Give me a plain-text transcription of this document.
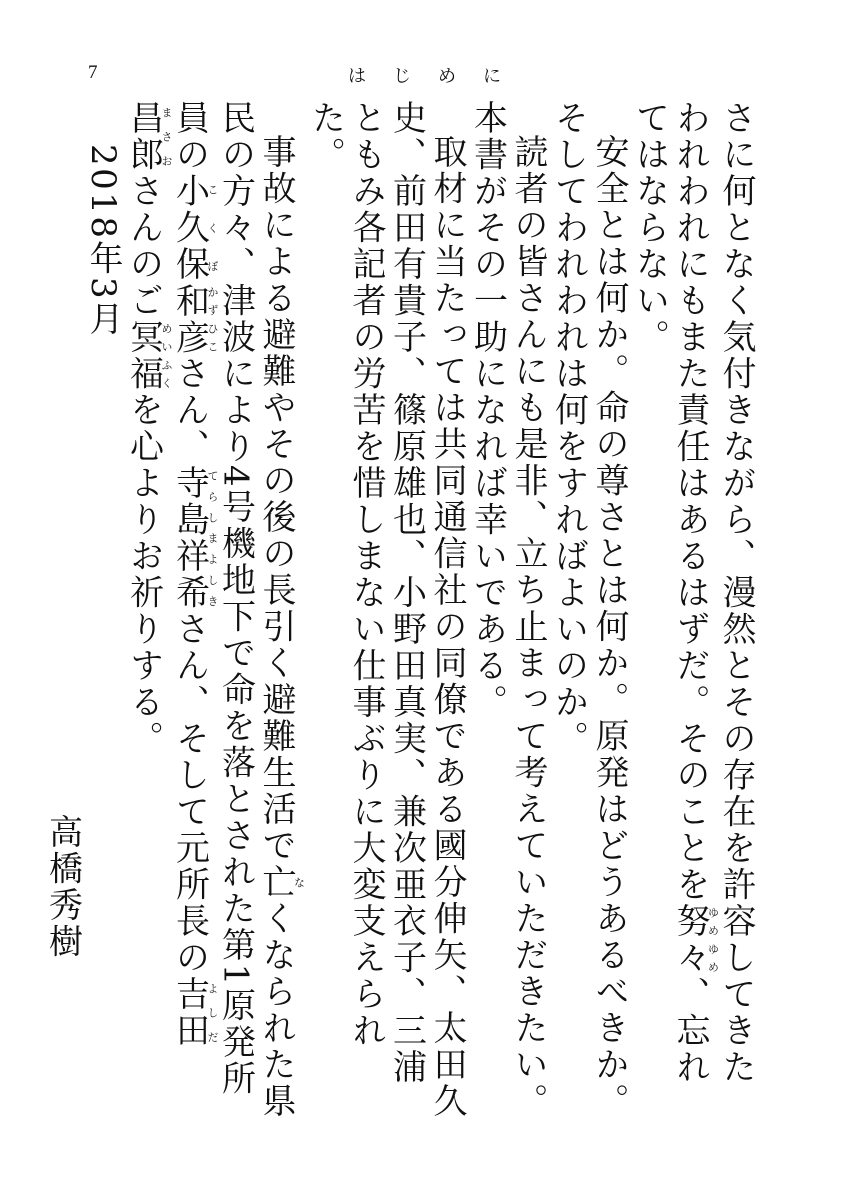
7	はじめに

さに何となく気付きながら、漫然とその存在を許容してきたわれわれにもまた責任はあるはずだ。そのことを努々ゆめゆめ、忘れてはならない。

安全とは何か。命の尊さとは何か。原発はどうあるべきか。そしてわれわれは何をすればよいのか。

読者の皆さんにも是非、立ち止まって考えていただきたい。本書がその一助になれば幸いである。

取材に当たっては共同通信社の同僚である國分伸矢、太田久史、前田有貴子、篠原雄也、小野田真実、兼次亜衣子、三浦ともみ各記者の労苦を惜しまない仕事ぶりに大変支えられた。

事故による避難やその後の長引く避難生活で亡なくなられた県民の方々、津波により4号機地下で命を落とされた第1原発所員の小久保こくぼ和彦かずひこさん、寺島祥希てらしまよしきさん、そして元所長の吉田よしだ昌郎まさおさんのご冥福めいふくを心よりお祈りする。

2018年3月

高橋秀樹
